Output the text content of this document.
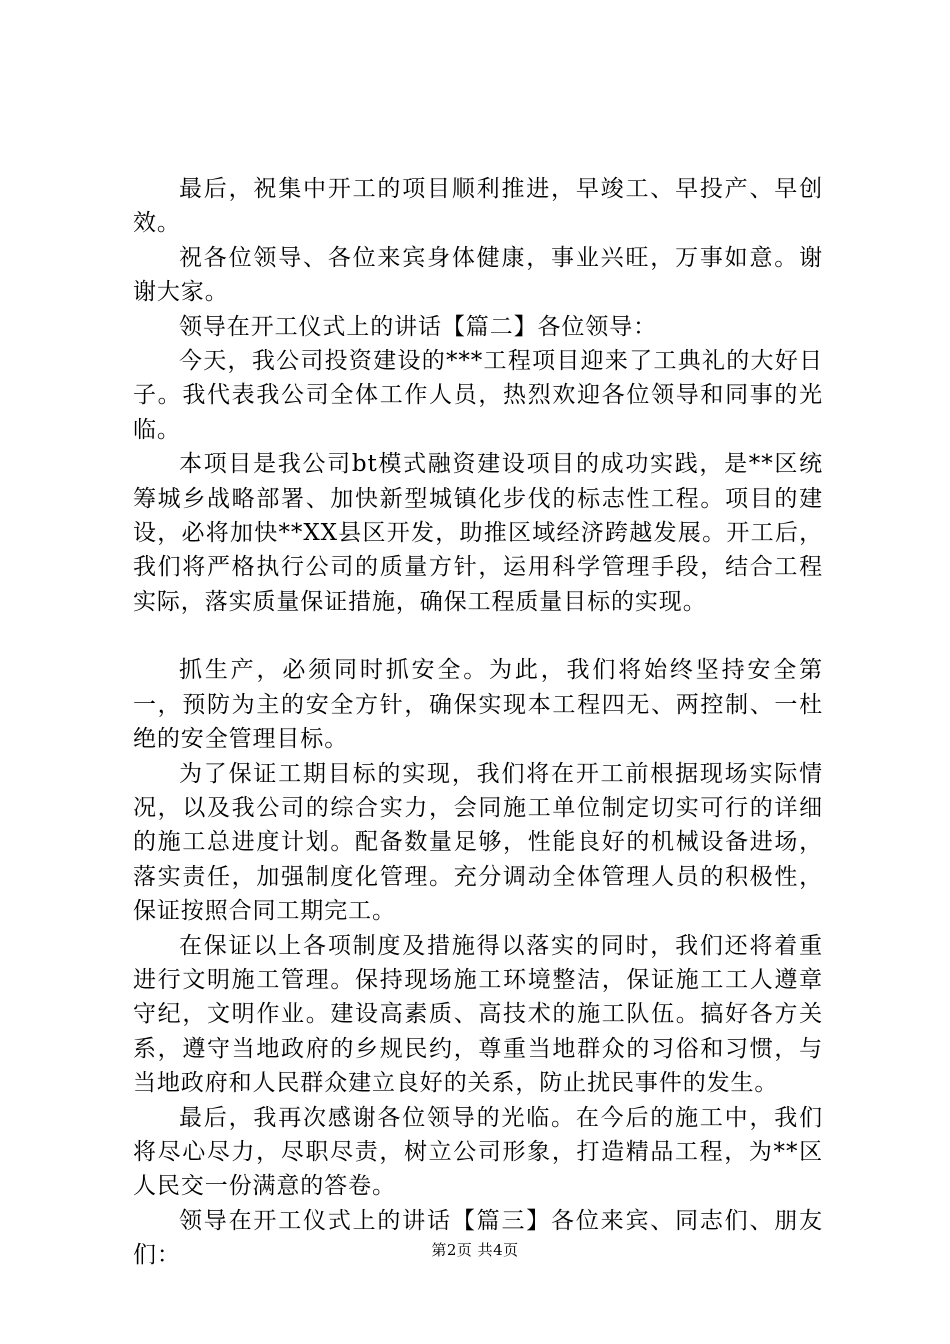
最后，祝集中开工的项目顺利推进，早竣工、早投产、早创效。

祝各位领导、各位来宾身体健康，事业兴旺，万事如意。谢谢大家。

领导在开工仪式上的讲话【篇二】各位领导：

今天，我公司投资建设的***工程项目迎来了工典礼的大好日子。我代表我公司全体工作人员，热烈欢迎各位领导和同事的光临。

本项目是我公司bt模式融资建设项目的成功实践，是**区统筹城乡战略部署、加快新型城镇化步伐的标志性工程。项目的建设，必将加快**XX县区开发，助推区域经济跨越发展。开工后，我们将严格执行公司的质量方针，运用科学管理手段，结合工程实际，落实质量保证措施，确保工程质量目标的实现。

抓生产，必须同时抓安全。为此，我们将始终坚持安全第一，预防为主的安全方针，确保实现本工程四无、两控制、一杜绝的安全管理目标。

为了保证工期目标的实现，我们将在开工前根据现场实际情况，以及我公司的综合实力，会同施工单位制定切实可行的详细的施工总进度计划。配备数量足够，性能良好的机械设备进场，落实责任，加强制度化管理。充分调动全体管理人员的积极性，保证按照合同工期完工。

在保证以上各项制度及措施得以落实的同时，我们还将着重进行文明施工管理。保持现场施工环境整洁，保证施工工人遵章守纪，文明作业。建设高素质、高技术的施工队伍。搞好各方关系，遵守当地政府的乡规民约，尊重当地群众的习俗和习惯，与当地政府和人民群众建立良好的关系，防止扰民事件的发生。

最后，我再次感谢各位领导的光临。在今后的施工中，我们将尽心尽力，尽职尽责，树立公司形象，打造精品工程，为**区人民交一份满意的答卷。

领导在开工仪式上的讲话【篇三】各位来宾、同志们、朋友们：	第2页 共4页
